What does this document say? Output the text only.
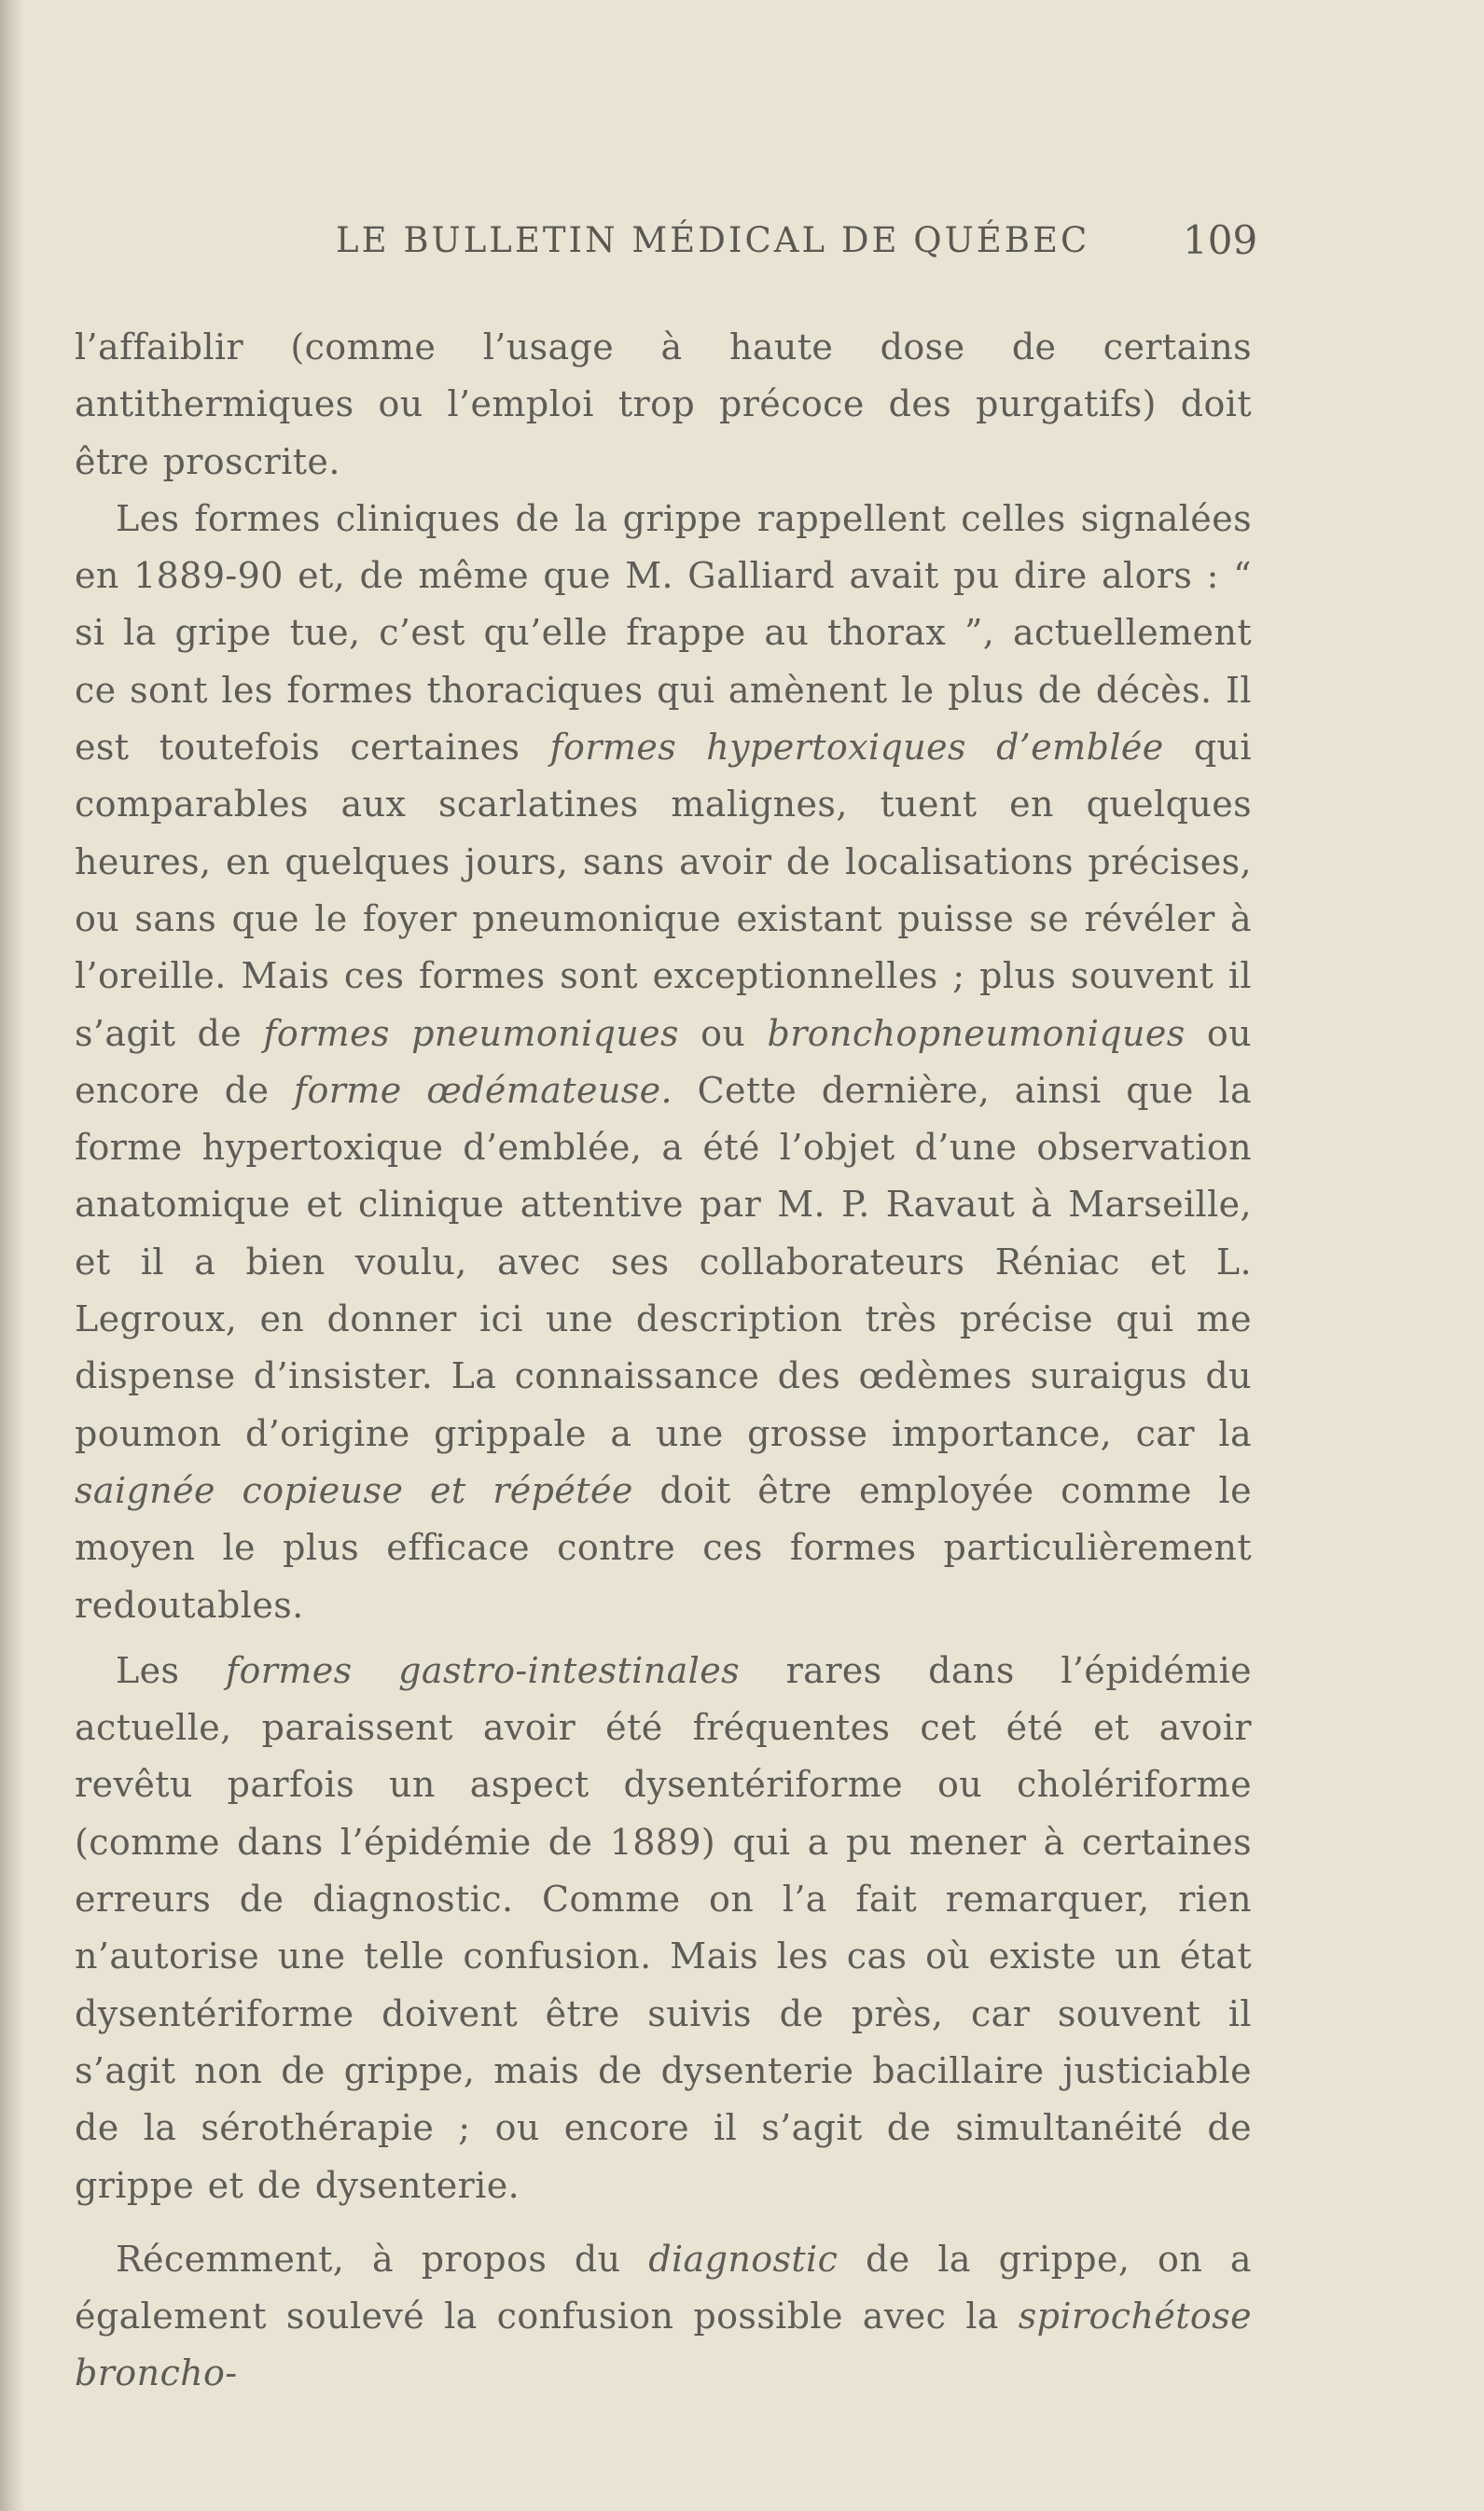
LE BULLETIN MÉDICAL DE QUÉBEC 109

l’affaiblir (comme l’usage à haute dose de certains antithermiques ou l’emploi trop précoce des purgatifs) doit être proscrite.

Les formes cliniques de la grippe rappellent celles signalées en 1889-90 et, de même que M. Galliard avait pu dire alors : “ si la gripe tue, c’est qu’elle frappe au thorax ”, actuellement ce sont les formes thoraciques qui amènent le plus de décès. Il est toutefois certaines formes hypertoxiques d’emblée qui comparables aux scarlatines malignes, tuent en quelques heures, en quelques jours, sans avoir de localisations précises, ou sans que le foyer pneumonique existant puisse se révéler à l’oreille. Mais ces formes sont exceptionnelles ; plus souvent il s’agit de formes pneumoniques ou bronchopneumoniques ou encore de forme œdémateuse. Cette dernière, ainsi que la forme hypertoxique d’emblée, a été l’objet d’une observation anatomique et clinique attentive par M. P. Ravaut à Marseille, et il a bien voulu, avec ses collaborateurs Réniac et L. Legroux, en donner ici une description très précise qui me dispense d’insister. La connaissance des œdèmes suraigus du poumon d’origine grippale a une grosse importance, car la saignée copieuse et répétée doit être employée comme le moyen le plus efficace contre ces formes particulièrement redoutables.

Les formes gastro-intestinales rares dans l’épidémie actuelle, paraissent avoir été fréquentes cet été et avoir revêtu parfois un aspect dysentériforme ou cholériforme (comme dans l’épidémie de 1889) qui a pu mener à certaines erreurs de diagnostic. Comme on l’a fait remarquer, rien n’autorise une telle confusion. Mais les cas où existe un état dysentériforme doivent être suivis de près, car souvent il s’agit non de grippe, mais de dysenterie bacillaire justiciable de la sérothérapie ; ou encore il s’agit de simultanéité de grippe et de dysenterie.

Récemment, à propos du diagnostic de la grippe, on a également soulevé la confusion possible avec la spirochétose broncho-
